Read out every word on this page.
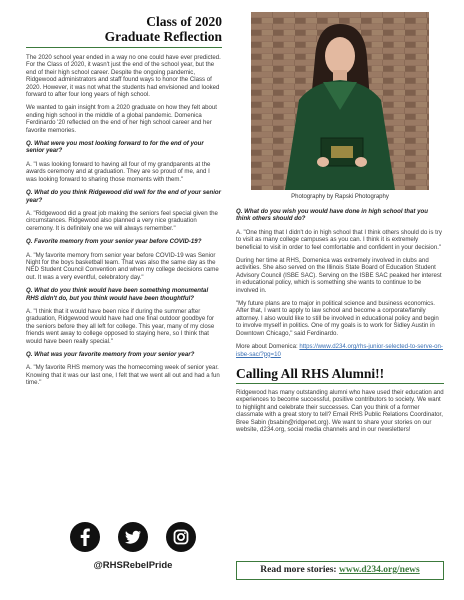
Class of 2020
Graduate Reflection

The 2020 school year ended in a way no one could have ever predicted. For the Class of 2020, it wasn't just the end of the school year, but the end of their high school career. Despite the ongoing pandemic, Ridgewood administrators and staff found ways to honor the Class of 2020. However, it was not what the students had envisioned and looked forward to after four long years of high school.

We wanted to gain insight from a 2020 graduate on how they felt about ending high school in the middle of a global pandemic. Domenica Ferdinardo '20 reflected on the end of her high school career and her favorite memories.

Q. What were you most looking forward to for the end of your senior year?

A. "I was looking forward to having all four of my grandparents at the awards ceremony and at graduation. They are so proud of me, and I was looking forward to sharing those moments with them."

Q. What do you think Ridgewood did well for the end of your senior year?

A. "Ridgewood did a great job making the seniors feel special given the circumstances. Ridgewood also planned a very nice graduation ceremony. It is definitely one we will always remember."

Q. Favorite memory from your senior year before COVID-19?

A. "My favorite memory from senior year before COVID-19 was Senior Night for the boys basketball team. That was also the same day as the NED Student Council Convention and when my college decisions came out. It was a very eventful, celebratory day."

Q. What do you think would have been something monumental RHS didn't do, but you think would have been thoughtful?

A. "I think that it would have been nice if during the summer after graduation, Ridgewood would have had one final outdoor goodbye for the seniors before they all left for college. This year, many of my close friends went away to college opposed to staying here, so I think that would have been really special."

Q. What was your favorite memory from your senior year?

A. "My favorite RHS memory was the homecoming week of senior year. Knowing that it was our last one, I felt that we went all out and had a fun time."

@RHSRebelPride
Photography by Rapski Photography

Q. What do you wish you would have done in high school that you think others should do?

A. "One thing that I didn't do in high school that I think others should do is try to visit as many college campuses as you can. I think it is extremely beneficial to visit in order to feel comfortable and confident in your decision."

During her time at RHS, Domenica was extremely involved in clubs and activities. She also served on the Illinois State Board of Education Student Advisory Council (ISBE SAC). Serving on the ISBE SAC peaked her interest in educational policy, which is something she wants to continue to be involved in.

"My future plans are to major in political science and business economics. After that, I want to apply to law school and become a corporate/family attorney. I also would like to still be involved in educational policy and begin to involve myself in politics. One of my goals is to work for Sidley Austin in Downtown Chicago," said Ferdinardo.

More about Domenica: https://www.d234.org/rhs-junior-selected-to-serve-on-isbe-sac/?pg=10

Calling All RHS Alumni!!

Ridgewood has many outstanding alumni who have used their education and experiences to become successful, positive contributors to society. We want to highlight and celebrate their successes. Can you think of a former classmate with a great story to tell? Email RHS Public Relations Coordinator, Bree Sabin (bsabin@ridgenet.org). We want to share your stories on our website, d234.org, social media channels and in our newsletters!

Read more stories: www.d234.org/news
